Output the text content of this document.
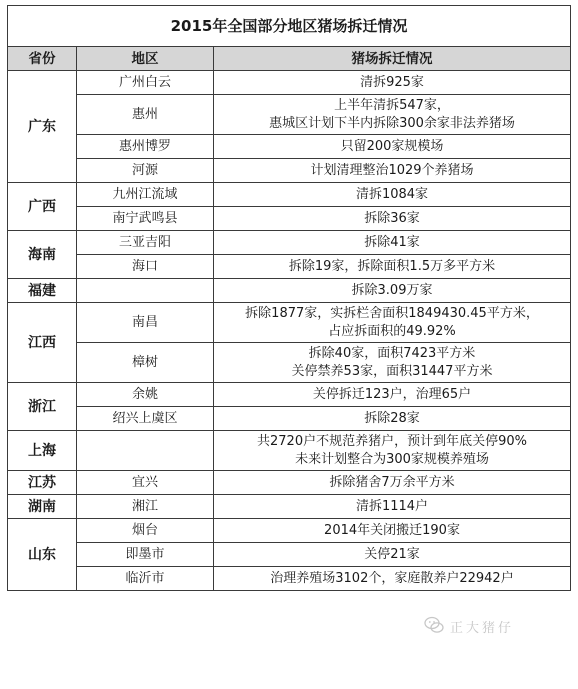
2015年全国部分地区猪场拆迁情况		
省份	地区	猪场拆迁情况
广东	广州白云	清拆925家
	惠州	上半年清拆547家，
惠城区计划下半内拆除300余家非法养猪场

	惠州博罗	只留200家规模场
	河源	计划清理整治1029个养猪场
广西	九州江流域	清拆1084家
	南宁武鸣县	拆除36家
海南	三亚吉阳	拆除41家
	海口	拆除19家，拆除面积1.5万多平方米
福建		拆除3.09万家
江西	南昌	拆除1877家，实拆栏舍面积1849430.45平方米，
占应拆面积的49.92%

	樟树	拆除40家，面积7423平方米
关停禁养53家，面积31447平方米

浙江	余姚	关停拆迁123户，治理65户
	绍兴上虞区	拆除28家
上海		共2720户不规范养猪户，预计到年底关停90%
未来计划整合为300家规模养殖场

江苏	宜兴	拆除猪舍7万余平方米
湖南	湘江	清拆1114户
山东	烟台	2014年关闭搬迁190家
	即墨市	关停21家
	临沂市	治理养殖场3102个，家庭散养户22942户
正大猪仔
